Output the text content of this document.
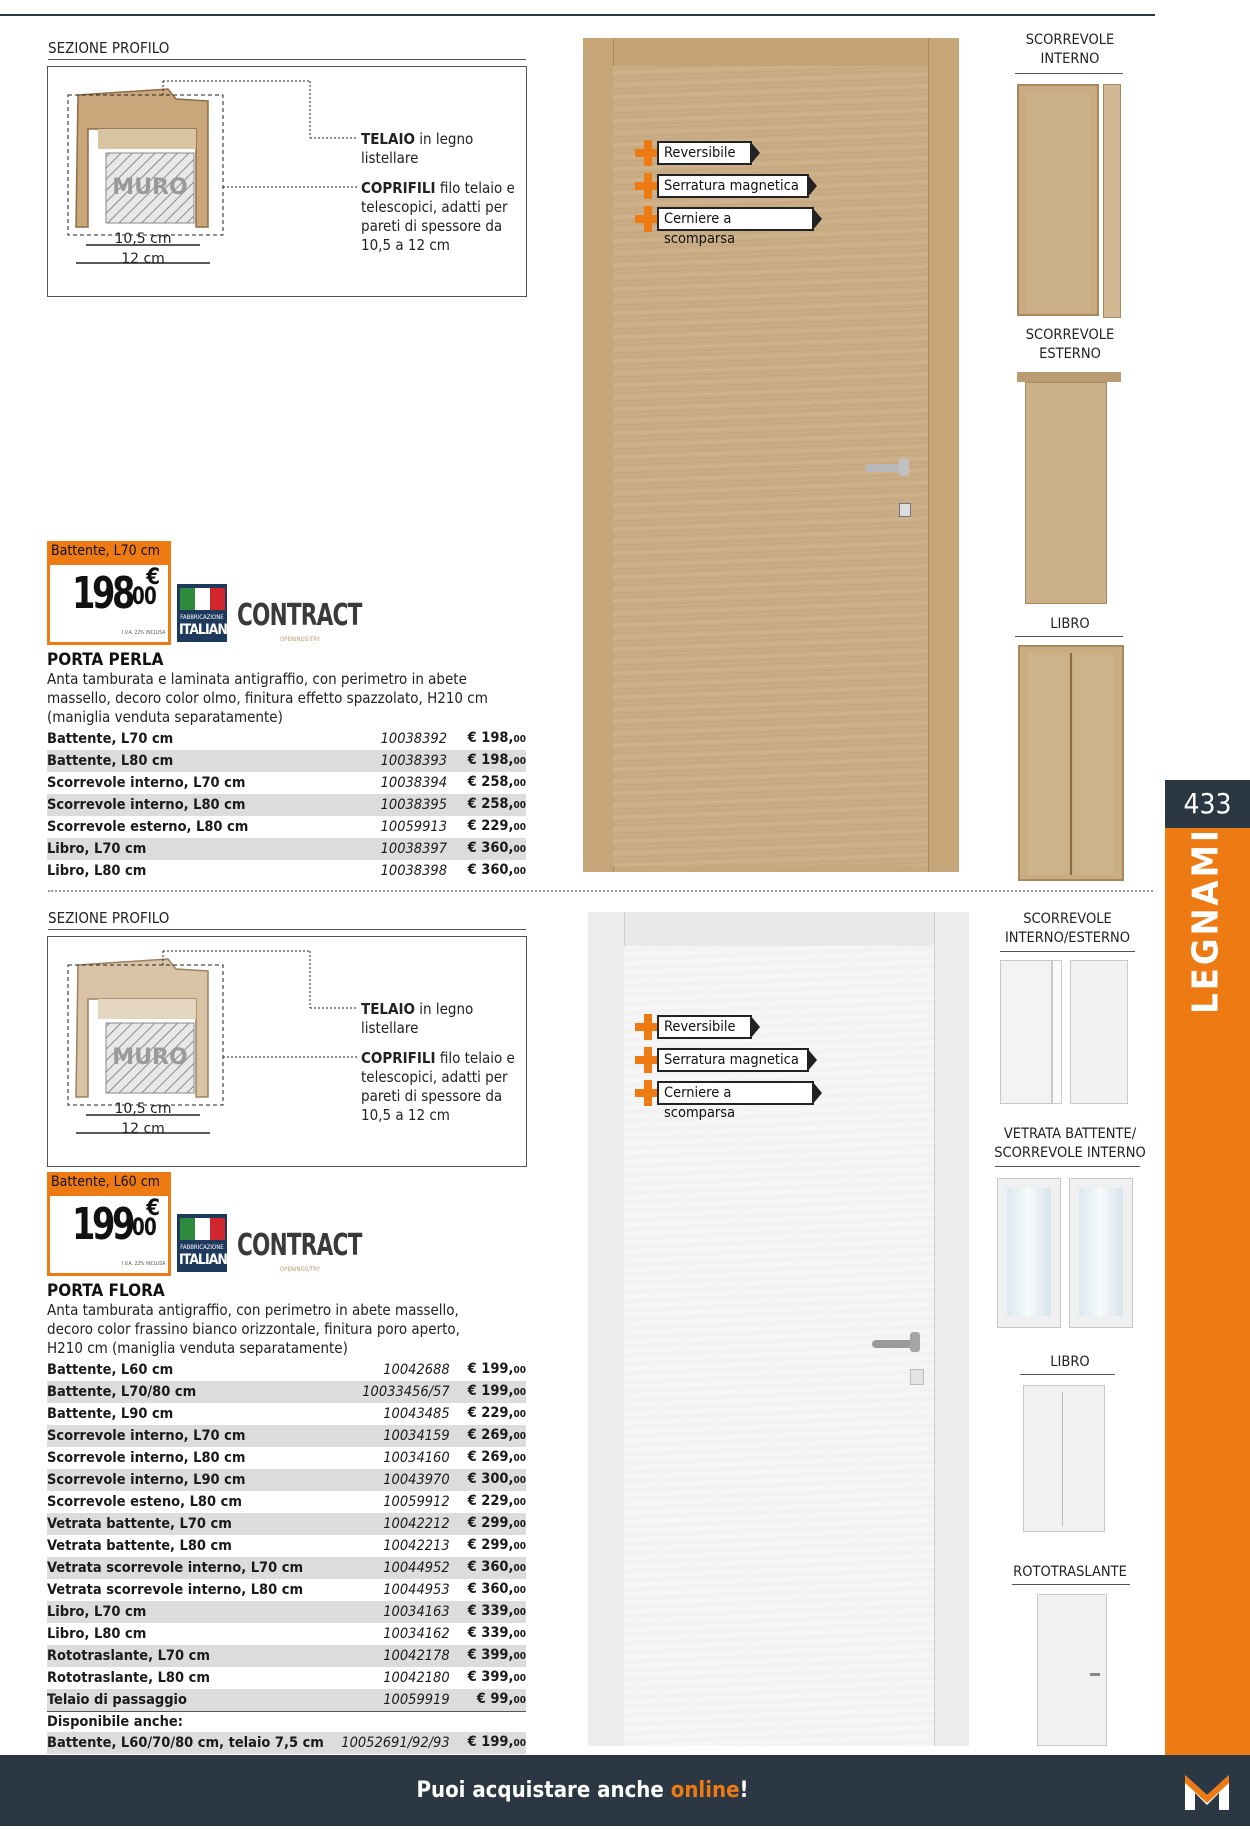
SEZIONE PROFILO
MURO
10,5 cm
12 cm
TELAIO in legno listellare
COPRIFILI filo telaio e telescopici, adatti per pareti di spessore da 10,5 a 12 cm
Battente, L70 cm
19800
€
I.V.A. 22% INCLUSA
FABBRICAZIONE
ITALIANA CONTRACT
OPENINGS/TRY
PORTA PERLA
Anta tamburata e laminata antigraffio, con perimetro in abete massello, decoro color olmo, finitura effetto spazzolato, H210 cm (maniglia venduta separatamente)
Battente, L70 cm	10038392	€ 198,00
Battente, L80 cm	10038393	€ 198,00
Scorrevole interno, L70 cm	10038394	€ 258,00
Scorrevole interno, L80 cm	10038395	€ 258,00
Scorrevole esterno, L80 cm	10059913	€ 229,00
Libro, L70 cm	10038397	€ 360,00
Libro, L80 cm	10038398	€ 360,00
Reversibile
Serratura magnetica
Cerniere a scomparsa
SCORREVOLE INTERNO
SCORREVOLE ESTERNO
LIBRO
SEZIONE PROFILO
MURO
10,5 cm
12 cm
TELAIO in legno listellare
COPRIFILI filo telaio e telescopici, adatti per pareti di spessore da 10,5 a 12 cm
Battente, L60 cm
19900
€
I.V.A. 22% INCLUSA
FABBRICAZIONE
ITALIANA CONTRACT
OPENINGS/TRY
PORTA FLORA
Anta tamburata antigraffio, con perimetro in abete massello, decoro color frassino bianco orizzontale, finitura poro aperto, H210 cm (maniglia venduta separatamente)
Battente, L60 cm	10042688	€ 199,00
Battente, L70/80 cm	10033456/57	€ 199,00
Battente, L90 cm	10043485	€ 229,00
Scorrevole interno, L70 cm	10034159	€ 269,00
Scorrevole interno, L80 cm	10034160	€ 269,00
Scorrevole interno, L90 cm	10043970	€ 300,00
Scorrevole esteno, L80 cm	10059912	€ 229,00
Vetrata battente, L70 cm	10042212	€ 299,00
Vetrata battente, L80 cm	10042213	€ 299,00
Vetrata scorrevole interno, L70 cm	10044952	€ 360,00
Vetrata scorrevole interno, L80 cm	10044953	€ 360,00
Libro, L70 cm	10034163	€ 339,00
Libro, L80 cm	10034162	€ 339,00
Rototraslante, L70 cm	10042178	€ 399,00
Rototraslante, L80 cm	10042180	€ 399,00
Telaio di passaggio	10059919	€ 99,00
Disponibile anche:		
Battente, L60/70/80 cm, telaio 7,5 cm	10052691/92/93	€ 199,00

Reversibile
Serratura magnetica
Cerniere a scomparsa
SCORREVOLE INTERNO/ESTERNO
VETRATA BATTENTE/ SCORREVOLE INTERNO
LIBRO
ROTOTRASLANTE
433
LEGNAMI
Puoi acquistare anche online!
